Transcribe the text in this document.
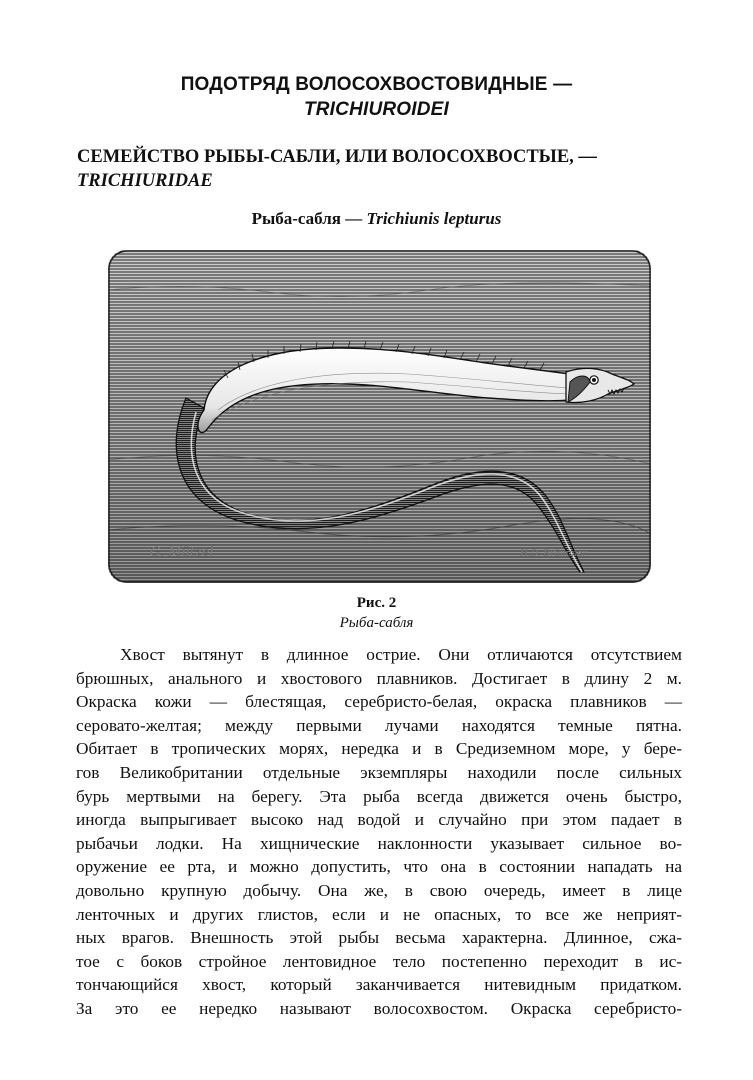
ПОДОТРЯД ВОЛОСОХВОСТОВИДНЫЕ —
TRICHIUROIDEI
СЕМЕЙСТВО РЫБЫ-САБЛИ, ИЛИ ВОЛОСОХВОСТЫЕ, —
TRICHIURIDAE
Рыба-сабля — Trichiunis lepturus
G. Mützel	H.D. Brümmer
Рис. 2
Рыба-сабля
Хвост вытянут в длинное острие. Они отличаются отсутствием
брюшных, анального и хвостового плавников. Достигает в длину 2 м.
Окраска кожи — блестящая, серебристо-белая, окраска плавников —
серовато-желтая; между первыми лучами находятся темные пятна.
Обитает в тропических морях, нередка и в Средиземном море, у бере-
гов Великобритании отдельные экземпляры находили после сильных
бурь мертвыми на берегу. Эта рыба всегда движется очень быстро,
иногда выпрыгивает высоко над водой и случайно при этом падает в
рыбачьи лодки. На хищнические наклонности указывает сильное во-
оружение ее рта, и можно допустить, что она в состоянии нападать на
довольно крупную добычу. Она же, в свою очередь, имеет в лице
ленточных и других глистов, если и не опасных, то все же неприят-
ных врагов. Внешность этой рыбы весьма характерна. Длинное, сжа-
тое с боков стройное лентовидное тело постепенно переходит в ис-
тончающийся хвост, который заканчивается нитевидным придатком.
За это ее нередко называют волосохвостом. Окраска серебристо-
